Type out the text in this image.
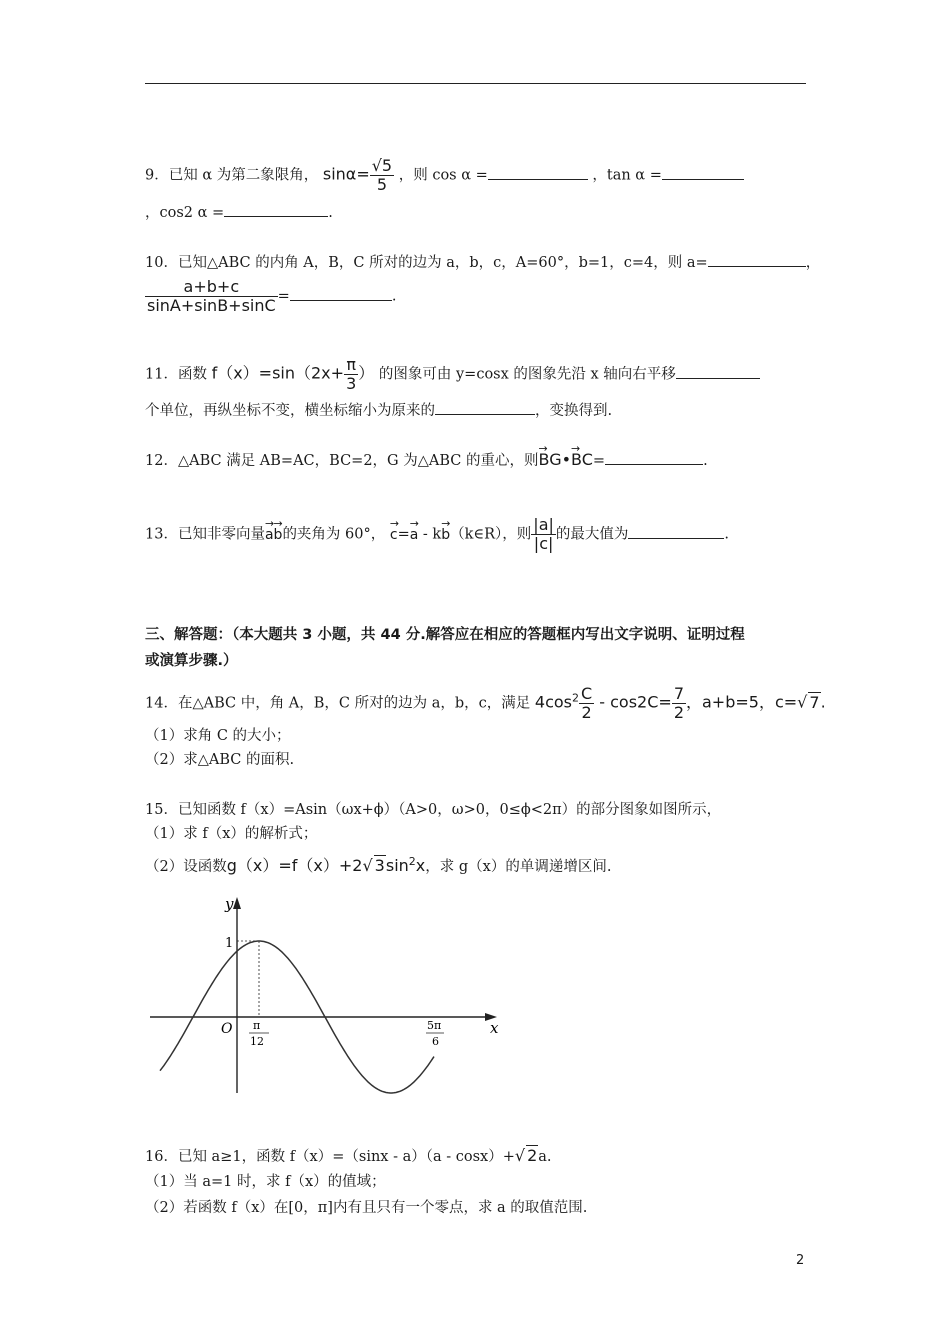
9．已知 α 为第二象限角， $\sin\alpha= \frac{√5}{5}$ ，则 cos α =	，tan α =
，cos2 α =	.
10．已知△ABC 的内角 A，B，C 所对的边为 a，b，c，A=60°，b=1，c=4，则 a=	，
$\frac{a+b+c}{\sin A+\sin B+\sin C}$ =	.
11．函数 $f(x)=\sin(2x+ \frac{\pi}{3}$ ） 的图象可由 y=cosx 的图象先沿 x 轴向右平移
个单位，再纵坐标不变，横坐标缩小为原来的	，变换得到.
12．△ABC 满足 AB=AC，BC=2，G 为△ABC 的重心，则→ BG•→ BC=	.
13．已知非零向量→ a→ b的夹角为 60°， → c=→ a - k→ b（k∈R），则 $\frac{|a|}{|c|}$ 的最大值为	.
三、解答题：（本大题共 3 小题，共 44 分.解答应在相应的答题框内写出文字说明、证明过程
或演算步骤.）
14．在△ABC 中，角 A，B，C 所对的边为 a，b，c，满足 $4\cos^2 \frac{C}{2} - \cos 2C= \frac{7}{2}$ ，a+b=5，c=√ 7.
（1）求角 C 的大小；
（2）求△ABC 的面积.
15．已知函数 f（x）=Asin（ωx+ϕ）（A>0，ω>0，0≤ϕ<2π）的部分图象如图所示，
（1）求 f（x）的解析式；
（2）设函数g（x）=f（x）+2√ $3\sin^2x$，求 g（x）的单调递增区间.
y
x
O
1
π
12
5π
6
16．已知 a≥1，函数 f（x）=（sinx - a）（a - cosx）+√ 2a.
（1）当 a=1 时，求 f（x）的值域；
（2）若函数 f（x）在[0，π]内有且只有一个零点，求 a 的取值范围.
2
